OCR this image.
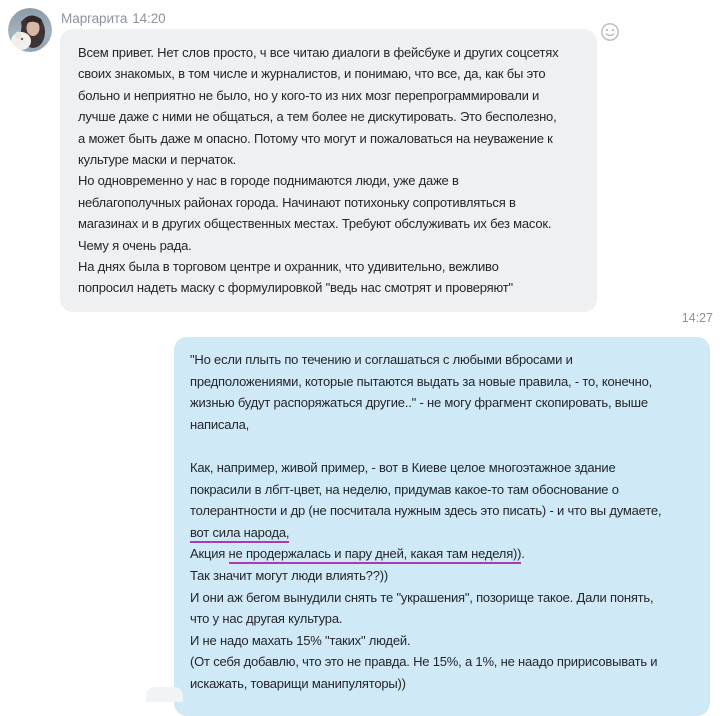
Маргарита 14:20
Всем привет. Нет слов просто, ч все читаю диалоги в фейсбуке и других соцсетях
своих знакомых, в том числе и журналистов, и понимаю, что все, да, как бы это
больно и неприятно не было, но у кого-то из них мозг перепрограммировали и
лучше даже с ними не общаться, а тем более не дискутировать. Это бесполезно,
а может быть даже м опасно. Потому что могут и пожаловаться на неуважение к
культуре маски и перчаток.
Но одновременно у нас в городе поднимаются люди, уже даже в
неблагополучных районах города. Начинают потихоньку сопротивляться в
магазинах и в других общественных местах. Требуют обслуживать их без масок.
Чему я очень рада.
На днях была в торговом центре и охранник, что удивительно, вежливо
попросил надеть маску с формулировкой "ведь нас смотрят и проверяют"
14:27
"Но если плыть по течению и соглашаться с любыми вбросами и
предположениями, которые пытаются выдать за новые правила, - то, конечно,
жизнью будут распоряжаться другие.." - не могу фрагмент скопировать, выше
написала,
Как, например, живой пример, - вот в Киеве целое многоэтажное здание
покрасили в лбгт-цвет, на неделю, придумав какое-то там обоснование о
толерантности и др (не посчитала нужным здесь это писать) - и что вы думаете,
вот сила народа,
Акция не продержалась и пару дней, какая там неделя)).
Так значит могут люди влиять??))
И они аж бегом вынудили снять те "украшения", позорище такое. Дали понять,
что у нас другая культура.
И не надо махать 15% "таких" людей.
(От себя добавлю, что это не правда. Не 15%, а 1%, не наадо пририсовывать и
искажать, товарищи манипуляторы))
